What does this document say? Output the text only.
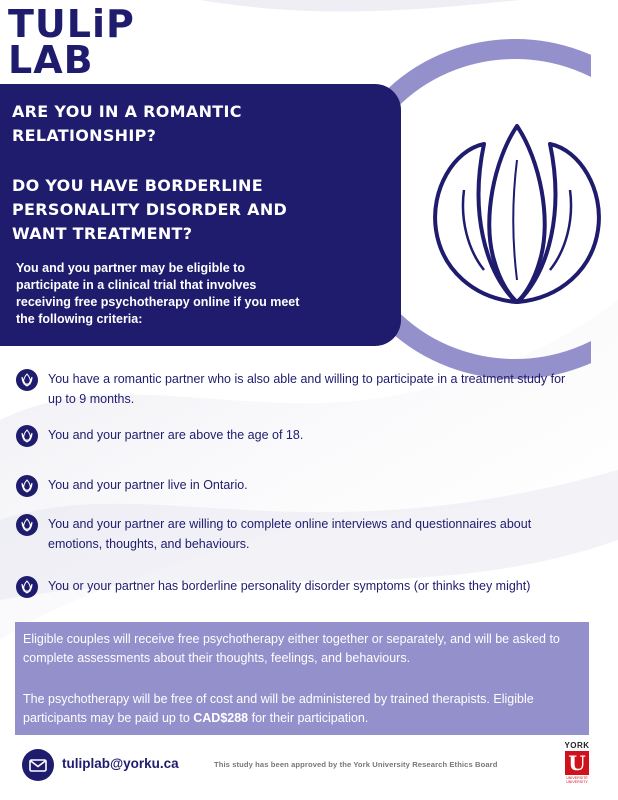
TULiP
LAB
ARE YOU IN A ROMANTIC RELATIONSHIP?
DO YOU HAVE BORDERLINE PERSONALITY DISORDER AND WANT TREATMENT?
You and you partner may be eligible to participate in a clinical trial that involves receiving free psychotherapy online if you meet the following criteria:
You have a romantic partner who is also able and willing to participate in a treatment study for up to 9 months.
You and your partner are above the age of 18.
You and your partner live in Ontario.
You and your partner are willing to complete online interviews and questionnaires about emotions, thoughts, and behaviours.
You or your partner has borderline personality disorder symptoms (or thinks they might)

Eligible couples will receive free psychotherapy either together or separately, and will be asked to complete assessments about their thoughts, feelings, and behaviours.

The psychotherapy will be free of cost and will be administered by trained therapists. Eligible participants may be paid up to CAD$288 for their participation.

tuliplab@yorku.ca	This study has been approved by the York University Research Ethics Board
YORK
U
UNIVERSITÉ UNIVERSITY
